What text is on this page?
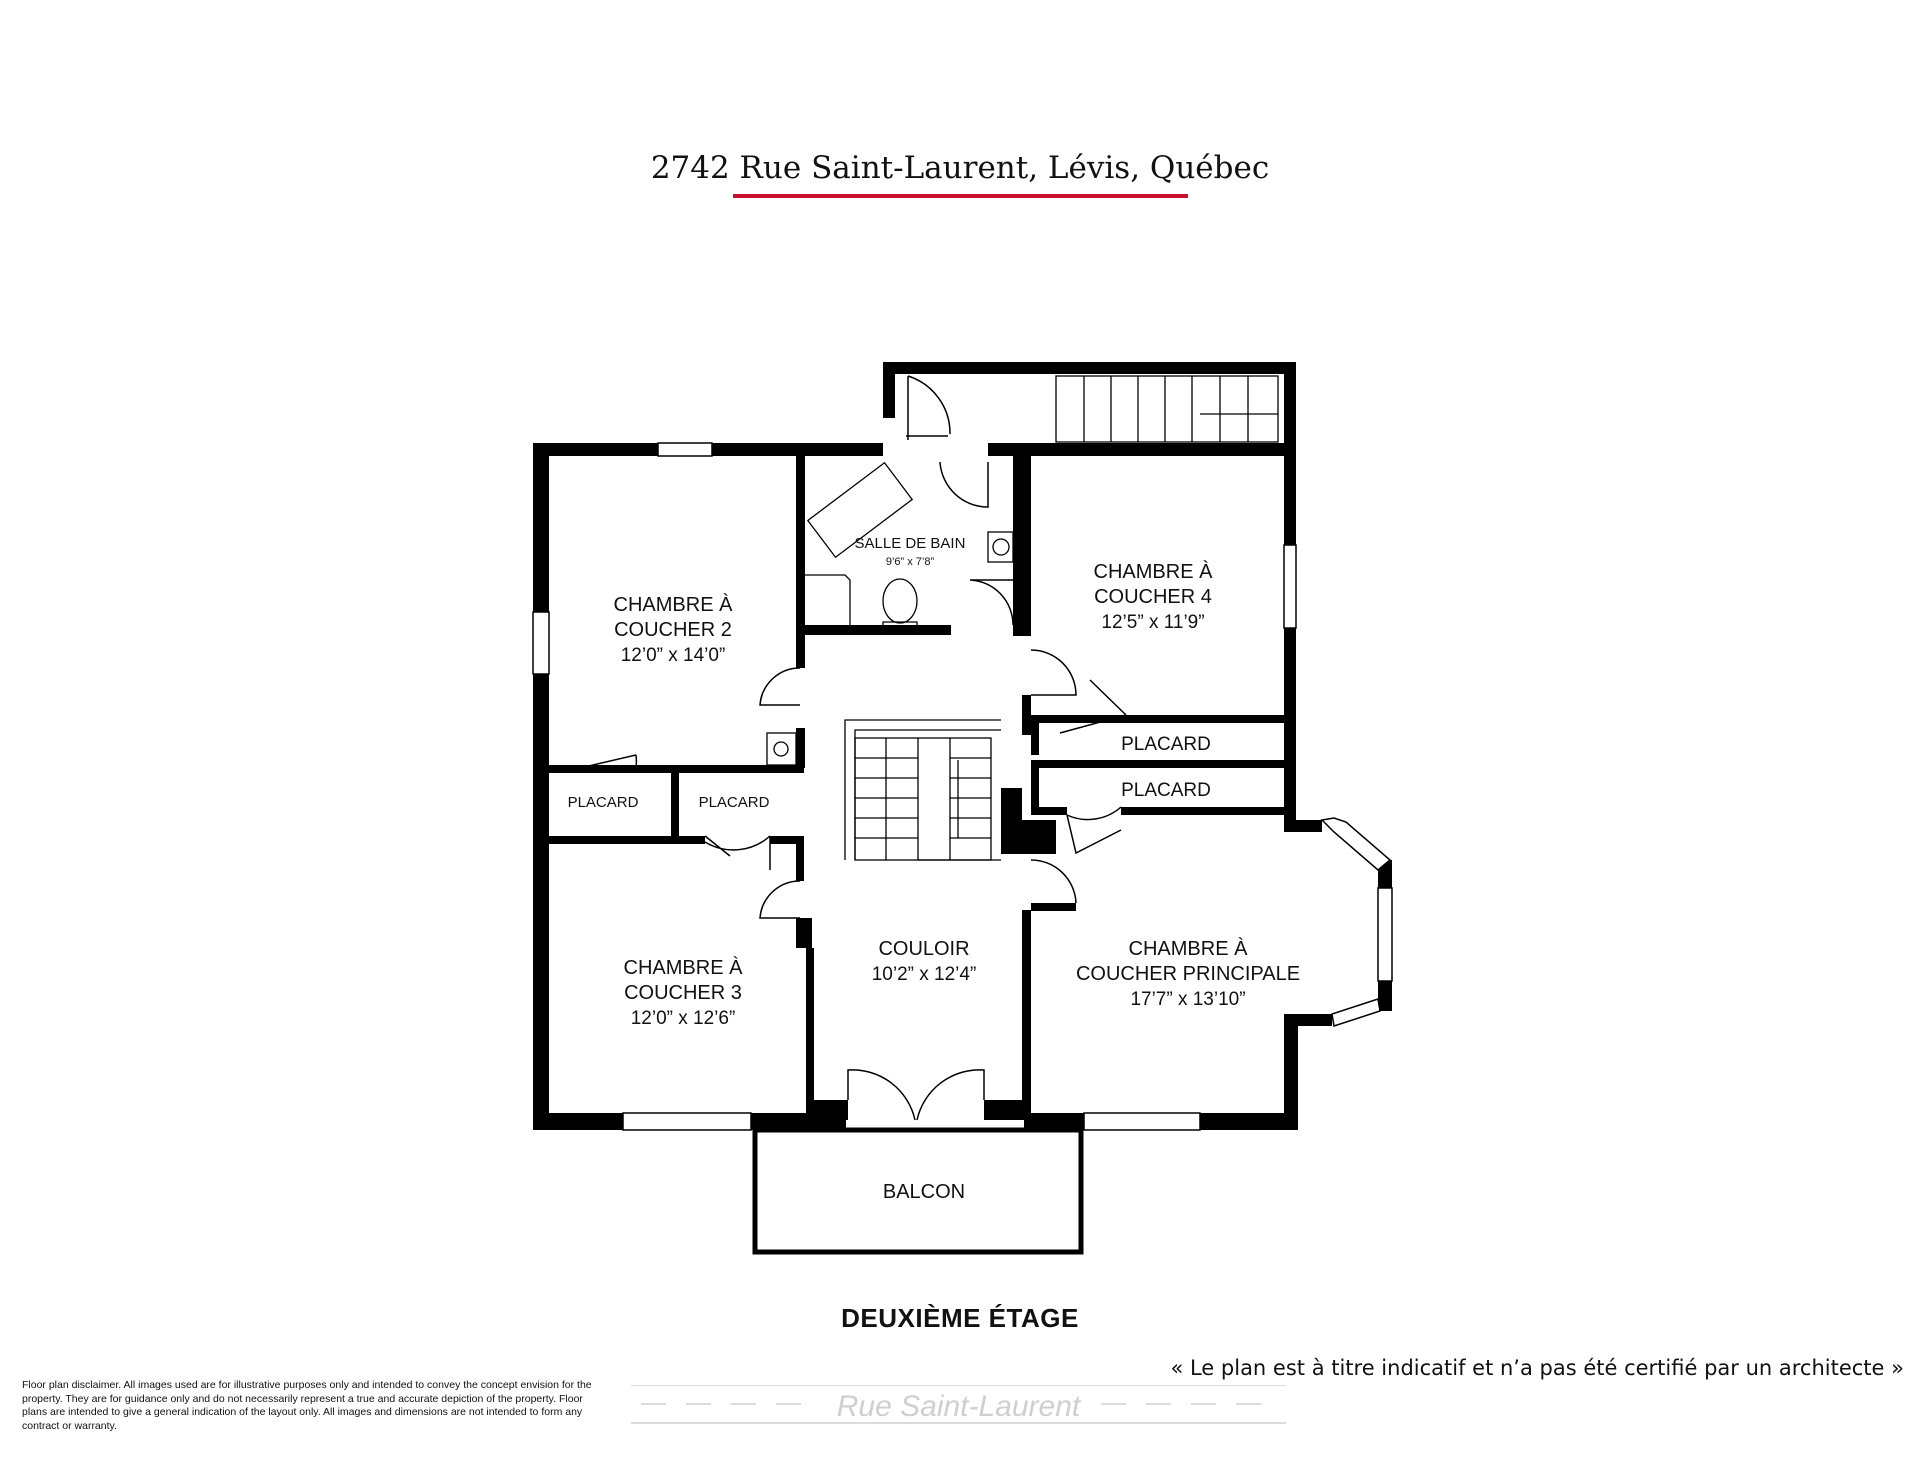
2742 Rue Saint-Laurent, Lévis, Québec
CHAMBRE À
COUCHER 2
12’0” x 14’0”
SALLE DE BAIN
9’6” x 7’8”	CHAMBRE À
COUCHER 4
12’5” x 11’9”
PLACARD
PLACARD
PLACARD	PLACARD
CHAMBRE À
COUCHER 3
12’0” x 12’6”
COULOIR
10’2” x 12’4”
CHAMBRE À
COUCHER PRINCIPALE
17’7” x 13’10”
BALCON
DEUXIÈME ÉTAGE
« Le plan est à titre indicatif et n’a pas été certifié par un architecte »
Floor plan disclaimer. All images used are for illustrative purposes only and intended to convey the concept envision for the property. They are for guidance only and do not necessarily represent a true and accurate depiction of the property. Floor plans are intended to give a general indication of the layout only. All images and dimensions are not intended to form any contract or warranty.
Rue Saint-Laurent
